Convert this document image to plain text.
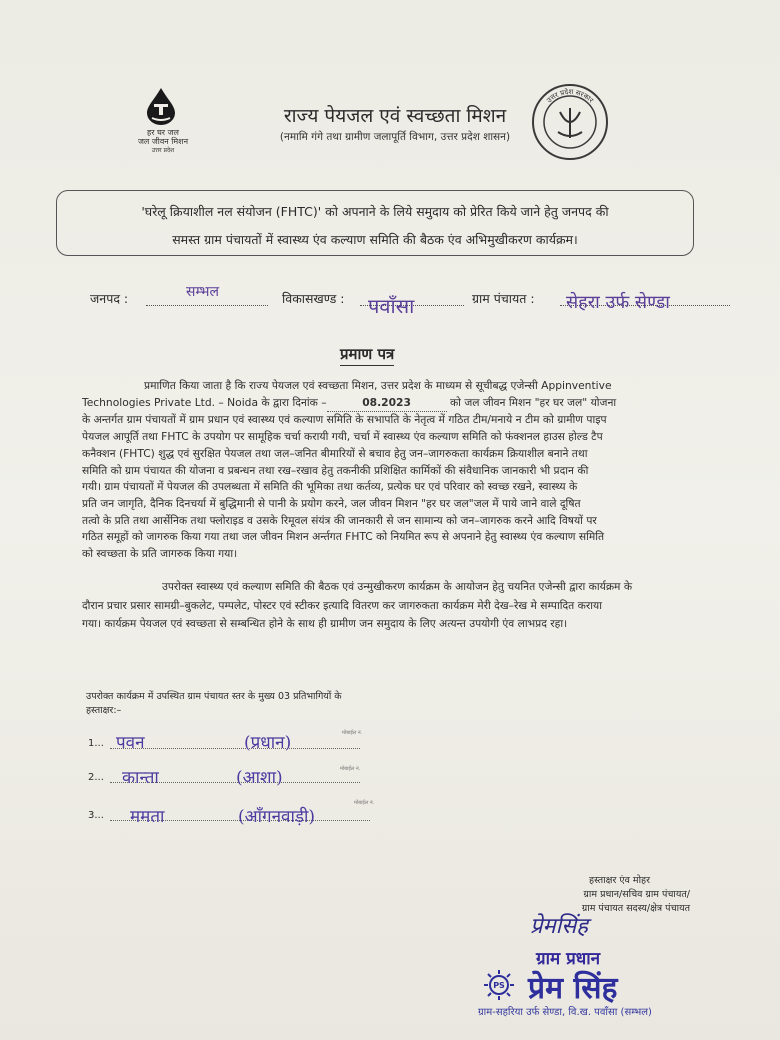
हर घर जल
जल जीवन मिशन
उत्तर प्रदेश
राज्य पेयजल एवं स्वच्छता मिशन
(नमामि गंगे तथा ग्रामीण जलापूर्ति विभाग, उत्तर प्रदेश शासन)
उत्तर प्रदेश सरकार
'घरेलू क्रियाशील नल संयोजन (FHTC)' को अपनाने के लिये समुदाय को प्रेरित किये जाने हेतु जनपद की
समस्त ग्राम पंचायतों में स्वास्थ्य एंव कल्याण समिति की बैठक एंव अभिमुखीकरण कार्यक्रम।
जनपद :	सम्भल	विकासखण्ड : पवाँसा	ग्राम पंचायत : सेहरा उर्फ सेण्डा
प्रमाण पत्र
प्रमाणित किया जाता है कि राज्य पेयजल एवं स्वच्छता मिशन, उत्तर प्रदेश के माध्यम से सूचीबद्ध एजेन्सी Appinventive
Technologies Private Ltd. – Noida के द्वारा दिनांक –	08.2023	को जल जीवन मिशन "हर घर जल" योजना
के अन्तर्गत ग्राम पंचायतों में ग्राम प्रधान एवं स्वास्थ्य एवं कल्याण समिति के सभापति के नेतृत्व में गठित टीम/मनाये न टीम को ग्रामीण पाइप
पेयजल आपूर्ति तथा FHTC के उपयोग पर सामूहिक चर्चा करायी गयी, चर्चा में स्वास्थ्य एंव कल्याण समिति को फंक्शनल हाउस होल्ड टैप
कनैक्शन (FHTC) शुद्ध एवं सुरक्षित पेयजल तथा जल–जनित बीमारियों से बचाव हेतु जन–जागरुकता कार्यक्रम क्रियाशील बनाने तथा
समिति को ग्राम पंचायत की योजना व प्रबन्धन तथा रख–रखाव हेतु तकनीकी प्रशिक्षित कार्मिकों की संवैधानिक जानकारी भी प्रदान की
गयी। ग्राम पंचायतों में पेयजल की उपलब्धता में समिति की भूमिका तथा कर्तव्य, प्रत्येक घर एवं परिवार को स्वच्छ रखने, स्वास्थ्य के
प्रति जन जागृति, दैनिक दिनचर्या में बुद्धिमानी से पानी के प्रयोग करने, जल जीवन मिशन "हर घर जल"जल में पाये जाने वाले दूषित
तत्वो के प्रति तथा आर्सेनिक तथा फ्लोराइड व उसके रिमूवल संयंत्र की जानकारी से जन सामान्य को जन–जागरुक करने आदि विषयों पर
गठित समूहों को जागरुक किया गया तथा जल जीवन मिशन अर्न्तगत FHTC को नियमित रूप से अपनाने हेतु स्वास्थ्य एंव कल्याण समिति
को स्वच्छता के प्रति जागरुक किया गया।
उपरोक्त स्वास्थ्य एवं कल्याण समिति की बैठक एवं उन्मुखीकरण कार्यक्रम के आयोजन हेतु चयनित एजेन्सी द्वारा कार्यक्रम के
दौरान प्रचार प्रसार सामग्री–बुकलेट, पम्पलेट, पोस्टर एवं स्टीकर इत्यादि वितरण कर जागरुकता कार्यक्रम मेरी देख–रेख मे सम्पादित कराया
गया। कार्यक्रम पेयजल एवं स्वच्छता से सम्बन्धित होने के साथ ही ग्रामीण जन समुदाय के लिए अत्यन्त उपयोगी एंव लाभप्रद रहा।
उपरोक्त कार्यक्रम में उपस्थित ग्राम पंचायत स्तर के मुख्य 03 प्रतिभागियों के
हस्ताक्षर:–
1... पवन	(प्रधान)	मोबाईल नं.
2... कान्ता	(आशा)	मोबाईल नं.
3... ममता	(आँगनवाड़ी)
मोबाईल नं.
हस्ताक्षर एंव मोहर
ग्राम प्रधान/सचिव ग्राम पंचायत/
ग्राम पंचायत सदस्य/क्षेत्र पंचायत
प्रेमसिंह
PS
ग्राम प्रधान
प्रेम सिंह
ग्राम-सहरिया उर्फ सेण्डा, वि.ख. पवाँसा (सम्भल)
